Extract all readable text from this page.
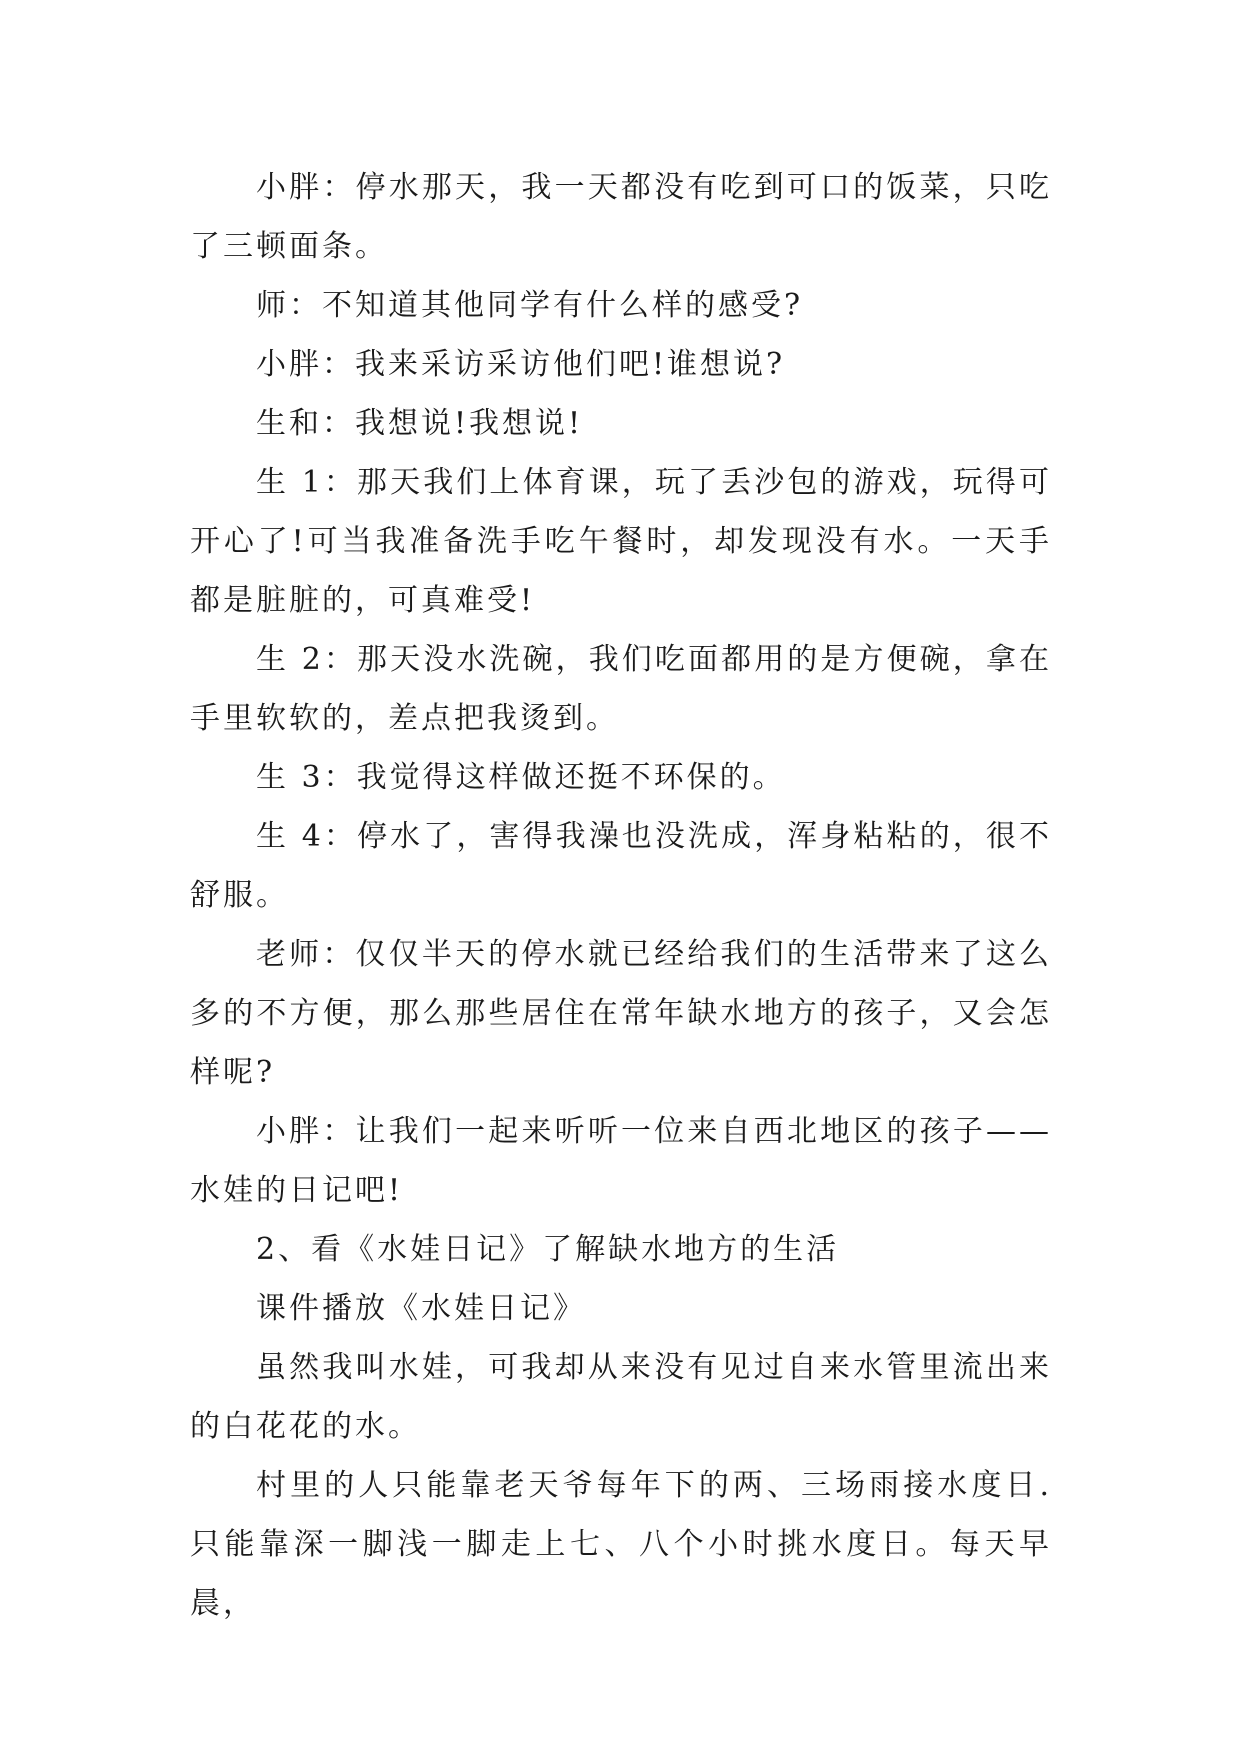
小胖：停水那天，我一天都没有吃到可口的饭菜，只吃了三顿面条。

师：不知道其他同学有什么样的感受?

小胖：我来采访采访他们吧!谁想说?

生和：我想说!我想说!

生 1：那天我们上体育课，玩了丢沙包的游戏，玩得可开心了!可当我准备洗手吃午餐时，却发现没有水。一天手都是脏脏的，可真难受!

生 2：那天没水洗碗，我们吃面都用的是方便碗，拿在手里软软的，差点把我烫到。

生 3：我觉得这样做还挺不环保的。

生 4：停水了，害得我澡也没洗成，浑身粘粘的，很不舒服。

老师：仅仅半天的停水就已经给我们的生活带来了这么多的不方便，那么那些居住在常年缺水地方的孩子，又会怎样呢?

小胖：让我们一起来听听一位来自西北地区的孩子——水娃的日记吧!

2、看《水娃日记》了解缺水地方的生活

课件播放《水娃日记》

虽然我叫水娃，可我却从来没有见过自来水管里流出来的白花花的水。

村里的人只能靠老天爷每年下的两、三场雨接水度日.只能靠深一脚浅一脚走上七、八个小时挑水度日。每天早晨，
